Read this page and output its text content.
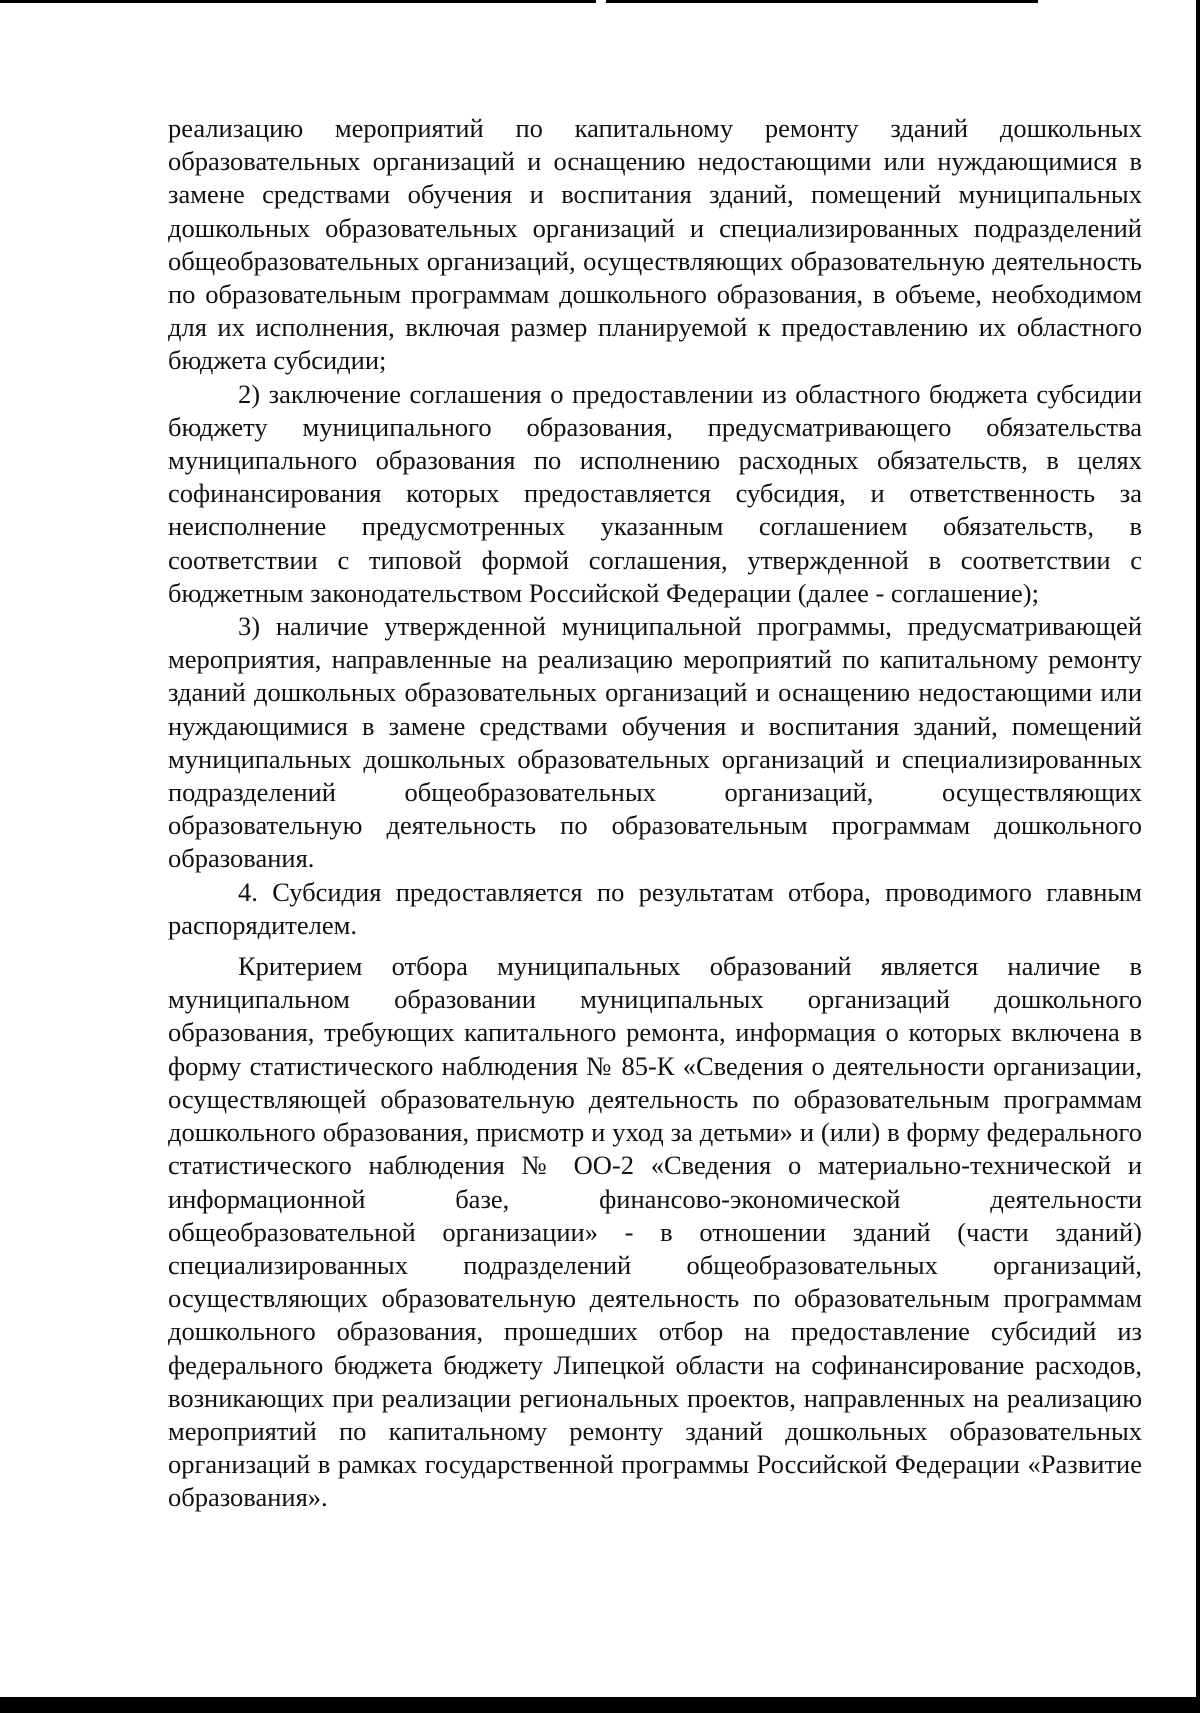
реализацию мероприятий по капитальному ремонту зданий дошкольных образовательных организаций и оснащению недостающими или нуждающимися в замене средствами обучения и воспитания зданий, помещений муниципальных дошкольных образовательных организаций и специализированных подразделений общеобразовательных организаций, осуществляющих образовательную деятельность по образовательным программам дошкольного образования, в объеме, необходимом для их исполнения, включая размер планируемой к предоставлению их областного бюджета субсидии;

2) заключение соглашения о предоставлении из областного бюджета субсидии бюджету муниципального образования, предусматривающего обязательства муниципального образования по исполнению расходных обязательств, в целях софинансирования которых предоставляется субсидия, и ответственность за неисполнение предусмотренных указанным соглашением обязательств, в соответствии с типовой формой соглашения, утвержденной в соответствии с бюджетным законодательством Российской Федерации (далее - соглашение);

3) наличие утвержденной муниципальной программы, предусматривающей мероприятия, направленные на реализацию мероприятий по капитальному ремонту зданий дошкольных образовательных организаций и оснащению недостающими или нуждающимися в замене средствами обучения и воспитания зданий, помещений муниципальных дошкольных образовательных организаций и специализированных подразделений общеобразовательных организаций, осуществляющих образовательную деятельность по образовательным программам дошкольного образования.

4. Субсидия предоставляется по результатам отбора, проводимого главным распорядителем.

Критерием отбора муниципальных образований является наличие в муниципальном образовании муниципальных организаций дошкольного образования, требующих капитального ремонта, информация о которых включена в форму статистического наблюдения № 85-К «Сведения о деятельности организации, осуществляющей образовательную деятельность по образовательным программам дошкольного образования, присмотр и уход за детьми» и (или) в форму федерального статистического наблюдения № ОО-2 «Сведения о материально-технической и информационной базе, финансово-экономической деятельности общеобразовательной организации» - в отношении зданий (части зданий) специализированных подразделений общеобразовательных организаций, осуществляющих образовательную деятельность по образовательным программам дошкольного образования, прошедших отбор на предоставление субсидий из федерального бюджета бюджету Липецкой области на софинансирование расходов, возникающих при реализации региональных проектов, направленных на реализацию мероприятий по капитальному ремонту зданий дошкольных образовательных организаций в рамках государственной программы Российской Федерации «Развитие образования».
